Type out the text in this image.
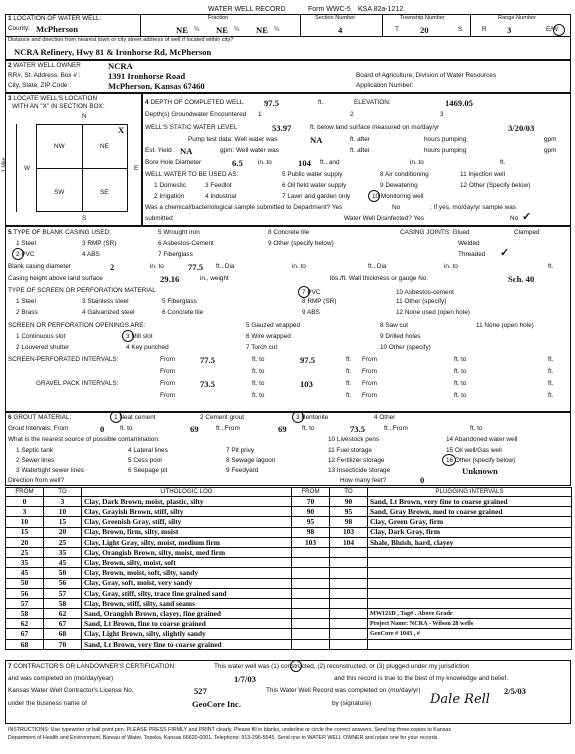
WATER WELL RECORD	Form WWC-5 KSA 82a-1212
1 LOCATION OF WATER WELL:
County: McPherson
Fraction
NE ¼ NE ¼ NE ¼
Section Number
4
Township Number
T 20	S
Range Number
R 3	E/W
Distance and direction from nearest town or city street address of well if located within city?
NCRA Refinery, Hwy 81 & Ironhorse Rd, McPherson
2 WATER WELL OWNER	NCRA
RR#, St. Address, Box # :	1391 Ironhorse Road
City, State, ZIP Code :	McPherson, Kansas 67460
Board of Agriculture, Division of Water Resources
Application Number:
3 LOCATE WELL'S LOCATION
WITH AN "X" IN SECTION BOX:
N
S
W	E
1 Mile
NW	NE
SW	SE
X
4 DEPTH OF COMPLETED WELL 97.5	ft.	ELEVATION:	1469.05
Depth(s) Groundwater Encountered 1	2	3
WELL'S STATIC WATER LEVEL	53.97	ft. below land surface measured on mo/day/yr	3/20/03
Pump test data: Well water was	NA	ft. after	hours pumping	gpm
Est. Yield NA	gpm: Well water was	ft. after	hours pumping	gpm
Bore Hole Diameter	6.5 in. to	104 ft., and	in. to	ft.
WELL WATER TO BE USED AS:
1 Domestic	3 Feedlot
5 Public water supply	8 Air conditioning	11 Injection well
2 Irrigation	4 Industrial
6 Oil field water supply	9 Dewatering	12 Other (Specify below)
7 Lawn and garden only	10 Monitoring well
Was a chemical/bacteriological sample submitted to Department? Yes	No	; If yes, mo/day/yr sample was
submitted	Water Well Disinfected? Yes	No ✓
5 TYPE OF BLANK CASING USED:
1 Steel	3 RMP (SR)
5 Wrought iron	8 Concrete tile
2 PVC	4 ABS
6 Asbestos-Cement	9 Other (specify below)
7 Fiberglass
CASING JOINTS: Glued	Clamped
Welded
Threaded ✓
Blank casing diameter	2	in. to	77.5 ft., Dia	in. to	ft., Dia	in. to	ft.
Casing height above land surface	29.16	in., weight	lbs./ft. Wall thickness or gauge No.	Sch. 40
TYPE OF SCREEN OR PERFORATION MATERIAL
1 Steel	3 Stainless steel	5 Fiberglass	8 RMP (SR)	11 Other (specify)
2 Brass	4 Galvanized steel	6 Concrete tile	9 ABS	12 None used (open hole)
7 PVC	10 Asbestos-cement
SCREEN OR PERFORATION OPENINGS ARE:
1 Continuous slot	3 Mill slot
5 Gauzed wrapped	8 Saw cut	11 None (open hole)
2 Louvered shutter	4 Key punched
6 Wire wrapped	9 Drilled holes
7 Torch cut	10 Other (specify)
SCREEN-PERFORATED INTERVALS:	From	77.5	ft. to	97.5	ft. From	ft. to	ft.
From	ft. to	ft. From	ft. to	ft.
GRAVEL PACK INTERVALS:	From	73.5	ft. to	103	ft. From	ft. to	ft.
From	ft. to	ft. From	ft. to	ft.
6 GROUT MATERIAL:	1 Neat cement	2 Cement grout	3 Bentonite	4 Other
Grout Intervals: From	0 ft. to	69	ft., From	69 ft. to	73.5	ft., From	ft. to
What is the nearest source of possible contamination:
1 Septic tank	4 Lateral lines	7 Pit privy
10 Livestock pens	14 Abandoned water well
2 Sewer lines	5 Cess pool	8 Sewage lagoon
11 Fuel storage	15 Oil well/Gas well
3 Watertight sewer lines	6 Seepage pit	9 Feedyard
12 Fertilizer storage	16 Other (specify below)
13 Insecticide storage	Unknown
Direction from well?	How many feet?	0
FROM	TO	LITHOLOGIC LOG	FROM	TO	PLUGGING INTERVALS
0	3	Clay, Dark Brown, moist, plastic, silty	70	90	Sand, Lt Brown, very fine to coarse grained
3	10	Clay, Grayish Brown, stiff, silty	90	95	Sand, Gray Brown, med to coarse grained
10	15	Clay, Greenish Gray, stiff, silty	95	98	Clay, Green Gray, firm
15	20	Clay, Brown, firm, silty, moist	98	103	Clay, Dark Gray, firm
20	25	Clay, Light Gray, silty, moist, medium firm	103	104	Shale, Bluish, hard, clayey
25	35	Clay, Orangish Brown, silty, moist, med firm			
35	45	Clay, Brown, silty, moist, soft			
45	50	Clay, Brown, moist, soft, silty, sandy			
50	56	Clay, Gray, soft, moist, very sandy			
56	57	Clay, Gray, stiff, silty, trace fine grained sand			
57	58	Clay, Brown, stiff, silty, sand seams			
58	62	Sand, Orangish Brown, clayey, fine grained			MW121D , Tag# . Above Grade
62	67	Sand, Lt Brown, fine to coarse grained			Project Name: NCRA - Wilson 28 wells
67	68	Clay, Light Brown, silty, slightly sandy			GeoCore # 1043 , #
68	70	Sand, Lt Brown, very fine to coarse grained			
7 CONTRACTOR'S OR LANDOWNER'S CERTIFICATION:	This water well was (1) constructed, (2) reconstructed, or (3) plugged under my jurisdiction
and was completed on (mo/day/year)	1/7/03	and this record is true to the best of my knowledge and belief.
Kansas Water Well Contractor's License No.	527	This Water Well Record was completed on (mo/day/yr)	2/5/03
under the business name of	GeoCore Inc.	by (signature)	Dale Rell
INSTRUCTIONS: Use typewriter or ball point pen. PLEASE PRESS FIRMLY and PRINT clearly. Please fill in blanks, underline or circle the correct answers. Send top three copies to Kansas
Department of Health and Environment, Bureau of Water, Topeka, Kansas 66620-0001. Telephone: 913-296-5545. Send one to WATER WELL OWNER and retain one for your records.
